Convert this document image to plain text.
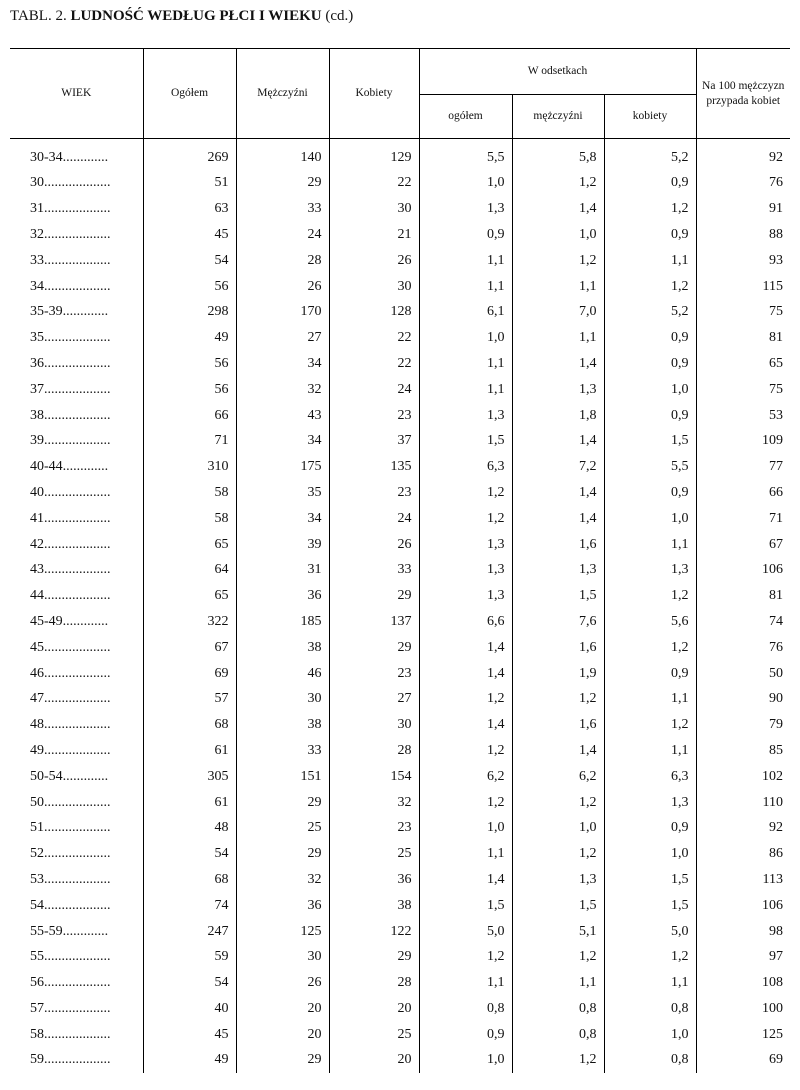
TABL. 2. LUDNOŚĆ WEDŁUG PŁCI I WIEKU (cd.)
WIEK	Ogółem	Mężczyźni	Kobiety	W odsetkach			Na 100 mężczyzn przypada kobiet
				ogółem	mężczyźni	kobiety	
30-34.............	269	140	129	5,5	5,8	5,2	92
30...................	51	29	22	1,0	1,2	0,9	76
31...................	63	33	30	1,3	1,4	1,2	91
32...................	45	24	21	0,9	1,0	0,9	88
33...................	54	28	26	1,1	1,2	1,1	93
34...................	56	26	30	1,1	1,1	1,2	115
35-39.............	298	170	128	6,1	7,0	5,2	75
35...................	49	27	22	1,0	1,1	0,9	81
36...................	56	34	22	1,1	1,4	0,9	65
37...................	56	32	24	1,1	1,3	1,0	75
38...................	66	43	23	1,3	1,8	0,9	53
39...................	71	34	37	1,5	1,4	1,5	109
40-44.............	310	175	135	6,3	7,2	5,5	77
40...................	58	35	23	1,2	1,4	0,9	66
41...................	58	34	24	1,2	1,4	1,0	71
42...................	65	39	26	1,3	1,6	1,1	67
43...................	64	31	33	1,3	1,3	1,3	106
44...................	65	36	29	1,3	1,5	1,2	81
45-49.............	322	185	137	6,6	7,6	5,6	74
45...................	67	38	29	1,4	1,6	1,2	76
46...................	69	46	23	1,4	1,9	0,9	50
47...................	57	30	27	1,2	1,2	1,1	90
48...................	68	38	30	1,4	1,6	1,2	79
49...................	61	33	28	1,2	1,4	1,1	85
50-54.............	305	151	154	6,2	6,2	6,3	102
50...................	61	29	32	1,2	1,2	1,3	110
51...................	48	25	23	1,0	1,0	0,9	92
52...................	54	29	25	1,1	1,2	1,0	86
53...................	68	32	36	1,4	1,3	1,5	113
54...................	74	36	38	1,5	1,5	1,5	106
55-59.............	247	125	122	5,0	5,1	5,0	98
55...................	59	30	29	1,2	1,2	1,2	97
56...................	54	26	28	1,1	1,1	1,1	108
57...................	40	20	20	0,8	0,8	0,8	100
58...................	45	20	25	0,9	0,8	1,0	125
59...................	49	29	20	1,0	1,2	0,8	69
